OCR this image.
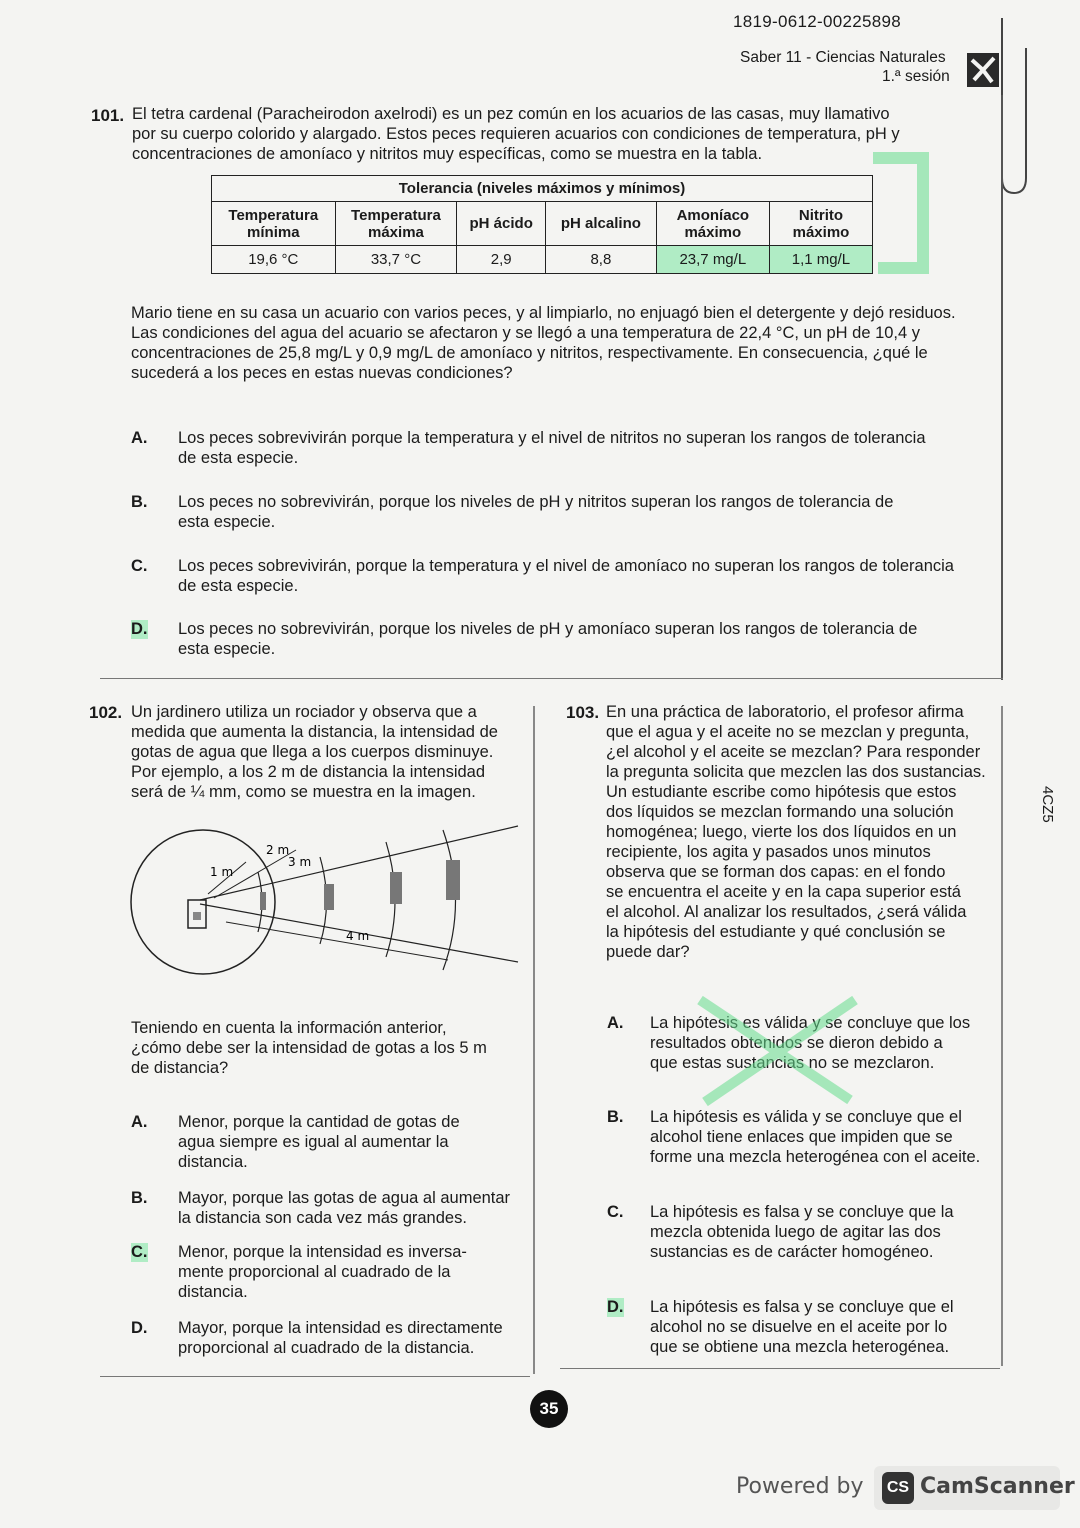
1819-0612-00225898
Saber 11 - Ciencias Naturales
1.ª sesión
101. El tetra cardenal (Paracheirodon axelrodi) es un pez común en los acuarios de las casas, muy llamativo
por su cuerpo colorido y alargado. Estos peces requieren acuarios con condiciones de temperatura, pH y
concentraciones de amoníaco y nitritos muy específicas, como se muestra en la tabla.
Tolerancia (niveles máximos y mínimos)					
Temperatura mínima	Temperatura máxima	pH ácido	pH alcalino	Amoníaco máximo	Nitrito máximo
19,6 °C	33,7 °C	2,9	8,8	23,7 mg/L	1,1 mg/L
Mario tiene en su casa un acuario con varios peces, y al limpiarlo, no enjuagó bien el detergente y dejó residuos.
Las condiciones del agua del acuario se afectaron y se llegó a una temperatura de 22,4 °C, un pH de 10,4 y
concentraciones de 25,8 mg/L y 0,9 mg/L de amoníaco y nitritos, respectivamente. En consecuencia, ¿qué le
sucederá a los peces en estas nuevas condiciones?
A. Los peces sobrevivirán porque la temperatura y el nivel de nitritos no superan los rangos de tolerancia
de esta especie.
B. Los peces no sobrevivirán, porque los niveles de pH y nitritos superan los rangos de tolerancia de
esta especie.
C. Los peces sobrevivirán, porque la temperatura y el nivel de amoníaco no superan los rangos de tolerancia
de esta especie.
D. Los peces no sobrevivirán, porque los niveles de pH y amoníaco superan los rangos de tolerancia de
esta especie.
102. Un jardinero utiliza un rociador y observa que a
medida que aumenta la distancia, la intensidad de
gotas de agua que llega a los cuerpos disminuye.
Por ejemplo, a los 2 m de distancia la intensidad
será de ¼ mm, como se muestra en la imagen.
1 m
2 m
3 m
4 m
Teniendo en cuenta la información anterior,
¿cómo debe ser la intensidad de gotas a los 5 m
de distancia?
A. Menor, porque la cantidad de gotas de
agua siempre es igual al aumentar la
distancia.
B. Mayor, porque las gotas de agua al aumentar
la distancia son cada vez más grandes.
C. Menor, porque la intensidad es inversa-
mente proporcional al cuadrado de la
distancia.
D. Mayor, porque la intensidad es directamente
proporcional al cuadrado de la distancia.
103. En una práctica de laboratorio, el profesor afirma
que el agua y el aceite no se mezclan y pregunta,
¿el alcohol y el aceite se mezclan? Para responder
la pregunta solicita que mezclen las dos sustancias.
Un estudiante escribe como hipótesis que estos
dos líquidos se mezclan formando una solución
homogénea; luego, vierte los dos líquidos en un
recipiente, los agita y pasados unos minutos
observa que se forman dos capas: en el fondo
se encuentra el aceite y en la capa superior está
el alcohol. Al analizar los resultados, ¿será válida
la hipótesis del estudiante y qué conclusión se
puede dar?
A. La hipótesis es válida y se concluye que los
resultados obtenidos se dieron debido a
que estas sustancias no se mezclaron.
B. La hipótesis es válida y se concluye que el
alcohol tiene enlaces que impiden que se
forme una mezcla heterogénea con el aceite.
C. La hipótesis es falsa y se concluye que la
mezcla obtenida luego de agitar las dos
sustancias es de carácter homogéneo.
D. La hipótesis es falsa y se concluye que el
alcohol no se disuelve en el aceite por lo
que se obtiene una mezcla heterogénea.
35
4CZ5
Powered by	CS CamScanner
